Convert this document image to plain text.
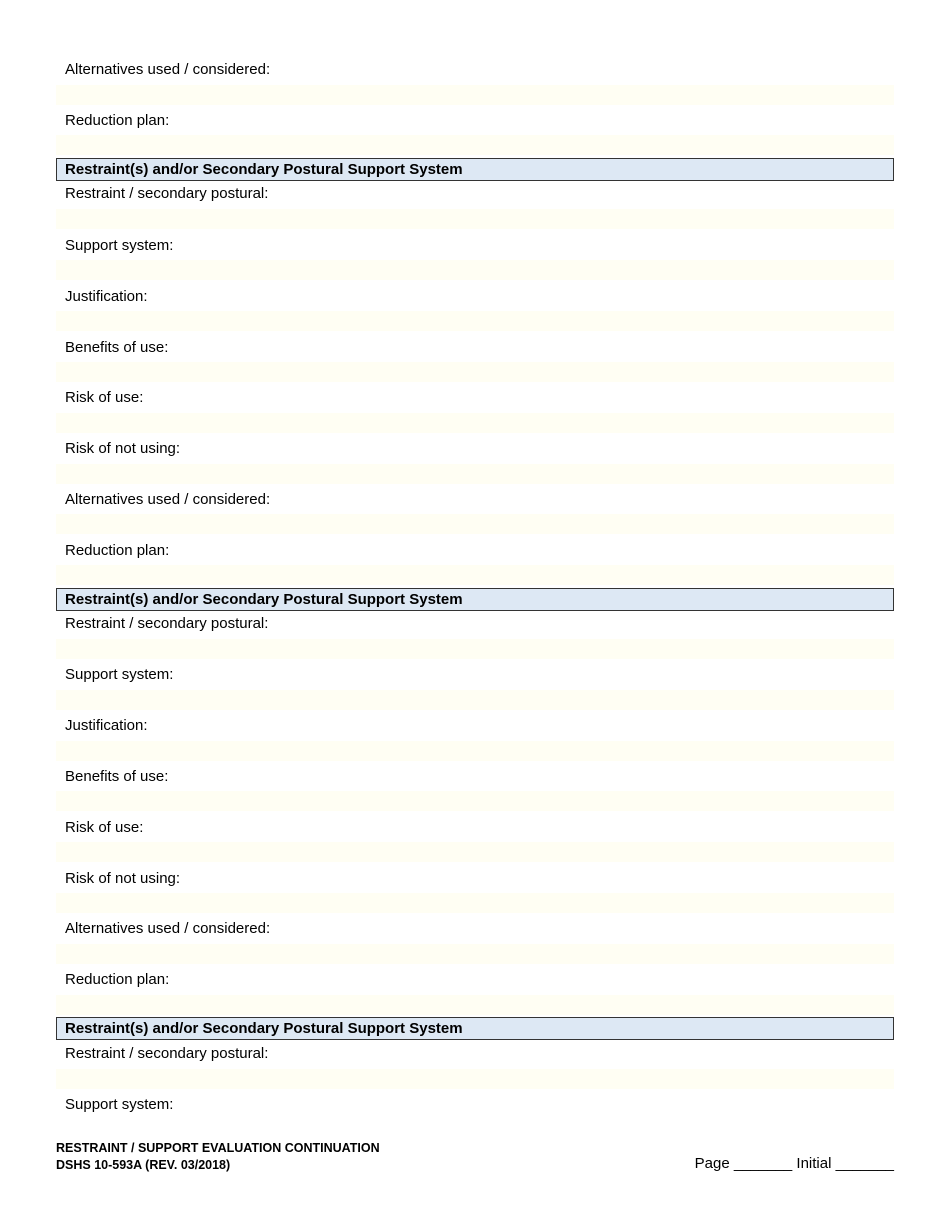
Alternatives used / considered:
Reduction plan:
Restraint(s) and/or Secondary Postural Support System
Restraint / secondary postural:
Support system:
Justification:
Benefits of use:
Risk of use:
Risk of not using:
Alternatives used / considered:
Reduction plan:
Restraint(s) and/or Secondary Postural Support System
Restraint / secondary postural:
Support system:
Justification:
Benefits of use:
Risk of use:
Risk of not using:
Alternatives used / considered:
Reduction plan:
Restraint(s) and/or Secondary Postural Support System
Restraint / secondary postural:
Support system:
RESTRAINT / SUPPORT EVALUATION CONTINUATION
DSHS 10-593A (REV. 03/2018)	Page _______ Initial _______
